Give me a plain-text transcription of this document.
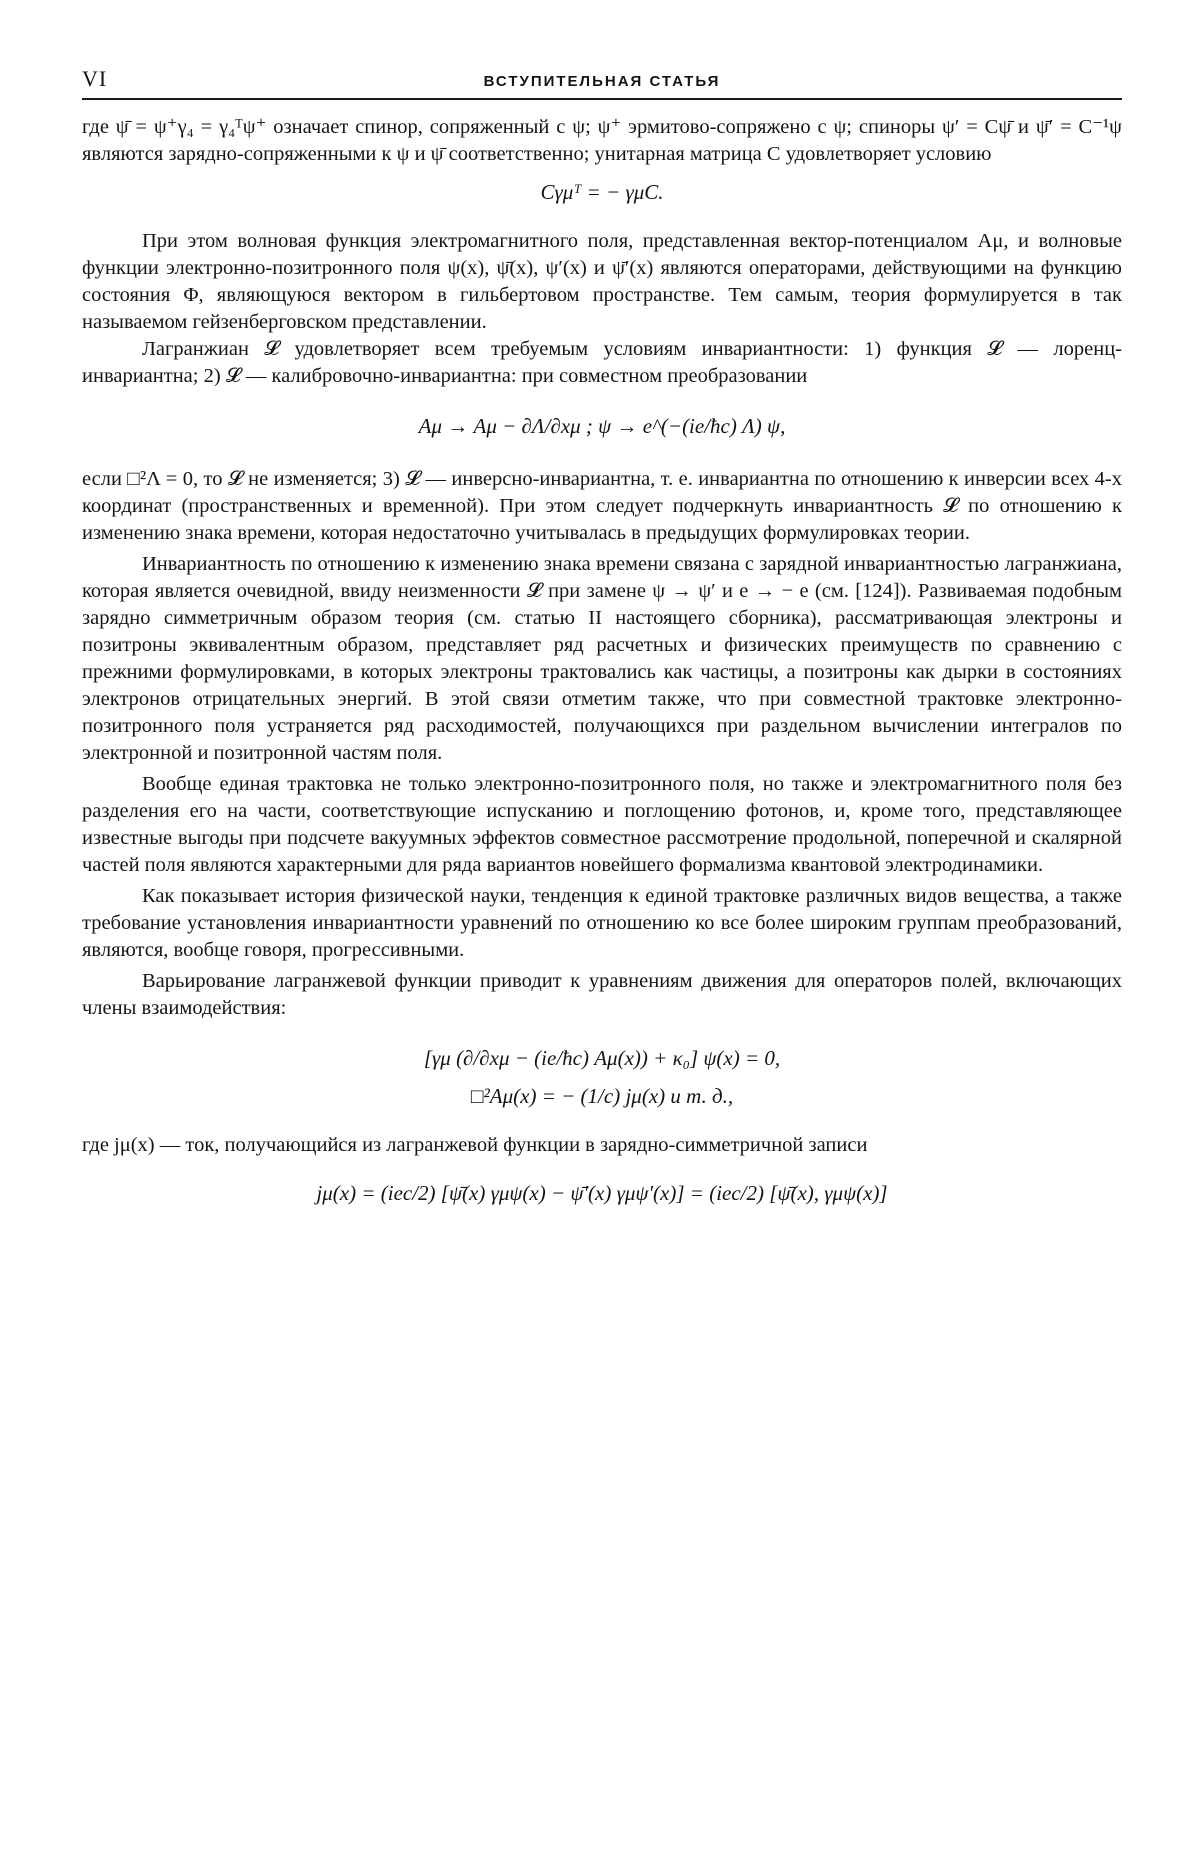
VI	ВСТУПИТЕЛЬНАЯ СТАТЬЯ

где ψ̄ = ψ⁺γ₄ = γ₄ᵀψ⁺ означает спинор, сопряженный с ψ; ψ⁺ эрмитово-сопряжено с ψ; спиноры ψ′ = Cψ̄ и ψ̄′ = C⁻¹ψ являются зарядно-сопряженными к ψ и ψ̄ соответственно; унитарная матрица C удовлетворяет условию

Cγμᵀ = − γμC.

При этом волновая функция электромагнитного поля, представленная вектор-потенциалом Aμ, и волновые функции электронно-позитронного поля ψ(x), ψ̄(x), ψ′(x) и ψ̄′(x) являются операторами, действующими на функцию состояния Φ, являющуюся вектором в гильбертовом пространстве. Тем самым, теория формулируется в так называемом гейзенберговском представлении.

Лагранжиан 𝓛 удовлетворяет всем требуемым условиям инвариантности: 1) функция 𝓛 — лоренц-инвариантна; 2) 𝓛 — калибровочно-инвариантна: при совместном преобразовании

Aμ → Aμ − ∂Λ/∂xμ ; ψ → e^(−(ie/ħc) Λ) ψ,

если □²Λ = 0, то 𝓛 не изменяется; 3) 𝓛 — инверсно-инвариантна, т. е. инвариантна по отношению к инверсии всех 4-х координат (пространственных и временной). При этом следует подчеркнуть инвариантность 𝓛 по отношению к изменению знака времени, которая недостаточно учитывалась в предыдущих формулировках теории.

Инвариантность по отношению к изменению знака времени связана с зарядной инвариантностью лагранжиана, которая является очевидной, ввиду неизменности 𝓛 при замене ψ → ψ′ и e → − e (см. [124]). Развиваемая подобным зарядно симметричным образом теория (см. статью II настоящего сборника), рассматривающая электроны и позитроны эквивалентным образом, представляет ряд расчетных и физических преимуществ по сравнению с прежними формулировками, в которых электроны трактовались как частицы, а позитроны как дырки в состояниях электронов отрицательных энергий. В этой связи отметим также, что при совместной трактовке электронно-позитронного поля устраняется ряд расходимостей, получающихся при раздельном вычислении интегралов по электронной и позитронной частям поля.

Вообще единая трактовка не только электронно-позитронного поля, но также и электромагнитного поля без разделения его на части, соответствующие испусканию и поглощению фотонов, и, кроме того, представляющее известные выгоды при подсчете вакуумных эффектов совместное рассмотрение продольной, поперечной и скалярной частей поля являются характерными для ряда вариантов новейшего формализма квантовой электродинамики.

Как показывает история физической науки, тенденция к единой трактовке различных видов вещества, а также требование установления инвариантности уравнений по отношению ко все более широким группам преобразований, являются, вообще говоря, прогрессивными.

Варьирование лагранжевой функции приводит к уравнениям движения для операторов полей, включающих члены взаимодействия:

[γμ (∂/∂xμ − (ie/ħc) Aμ(x)) + κ₀] ψ(x) = 0,
□²Aμ(x) = − (1/c) jμ(x) и т. д.,

где jμ(x) — ток, получающийся из лагранжевой функции в зарядно-симметричной записи

jμ(x) = (iec/2) [ψ̄(x) γμψ(x) − ψ̄′(x) γμψ′(x)] = (iec/2) [ψ̄(x), γμψ(x)]
